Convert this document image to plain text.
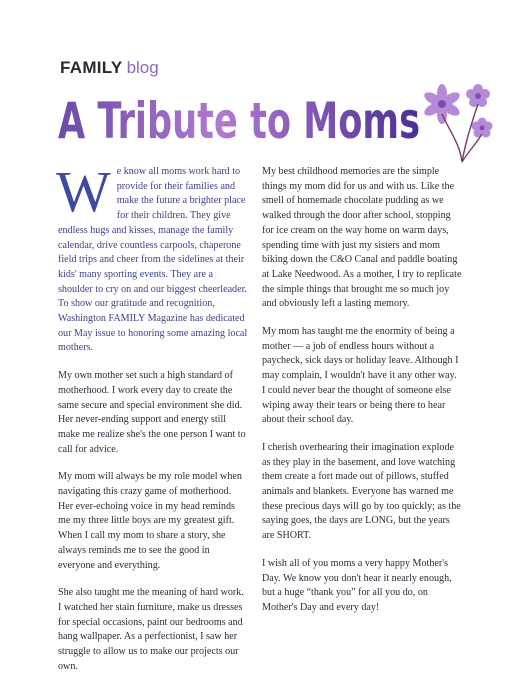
FAMILY blog
A Tribute to Moms

We know all moms work hard to provide for their families and make the future a brighter place for their children. They give endless hugs and kisses, manage the family calendar, drive countless carpools, chaperone field trips and cheer from the sidelines at their kids' many sporting events. They are a shoulder to cry on and our biggest cheerleader. To show our gratitude and recognition, Washington FAMILY Magazine has dedicated our May issue to honoring some amazing local mothers.

My own mother set such a high standard of motherhood. I work every day to create the same secure and special environment she did. Her never-ending support and energy still make me realize she's the one person I want to call for advice.

My mom will always be my role model when navigating this crazy game of motherhood. Her ever-echoing voice in my head reminds me my three little boys are my greatest gift. When I call my mom to share a story, she always reminds me to see the good in everyone and everything.

She also taught me the meaning of hard work. I watched her stain furniture, make us dresses for special occasions, paint our bedrooms and hang wallpaper. As a perfectionist, I saw her struggle to allow us to make our projects our own.

My best childhood memories are the simple things my mom did for us and with us. Like the smell of homemade chocolate pudding as we walked through the door after school, stopping for ice cream on the way home on warm days, spending time with just my sisters and mom biking down the C&O Canal and paddle boating at Lake Needwood. As a mother, I try to replicate the simple things that brought me so much joy and obviously left a lasting memory.

My mom has taught me the enormity of being a mother — a job of endless hours without a paycheck, sick days or holiday leave. Although I may complain, I wouldn't have it any other way. I could never bear the thought of someone else wiping away their tears or being there to hear about their school day.

I cherish overhearing their imagination explode as they play in the basement, and love watching them create a fort made out of pillows, stuffed animals and blankets. Everyone has warned me these precious days will go by too quickly; as the saying goes, the days are LONG, but the years are SHORT.

I wish all of you moms a very happy Mother's Day. We know you don't hear it nearly enough, but a huge “thank you” for all you do, on Mother's Day and every day!
